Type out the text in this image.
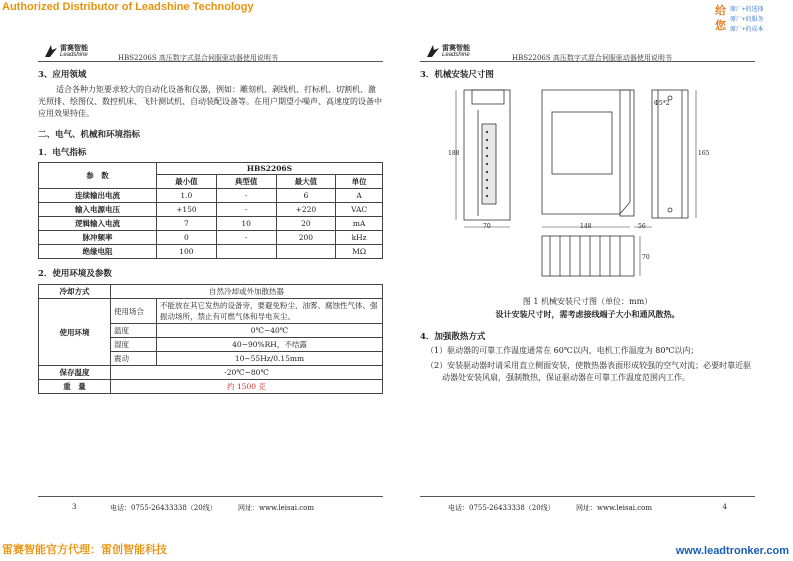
Authorized Distributor of Leadshine Technology	给
您
原厂+的选择
原厂+的服务
原厂+的成本
雷赛智能
Leadshine	HBS2206S 高压数字式混合伺服驱动器使用说明书
3、应用领域
适合各种力矩要求较大的自动化设备和仪器，例如：雕刻机、剥线机、打标机、切割机、激光照排、绘图仪、数控机床、飞针测试机、自动装配设备等。在用户期望小噪声、高速度的设备中应用效果特佳。
二、电气、机械和环境指标
1．电气指标
参　数	HBS2206S			
	最小值	典型值	最大值	单位
连续输出电流	1.0	-	6	A
输入电源电压	+150	-	+220	VAC
逻辑输入电流	7	10	20	mA
脉冲频率	0	-	200	kHz
绝缘电阻	100			MΩ
2．使用环境及参数
冷却方式	自然冷却或外加散热器	
使用环境	使用场合	不能放在其它发热的设备旁，要避免粉尘、油雾、腐蚀性气体、强振动场所，禁止有可燃气体和导电灰尘。
	温度	0℃−40℃
	湿度	40−90%RH，不结露
	震动	10~55Hz/0.15mm
保存温度	-20℃~80℃	
重　量	约 1500 克	
3	电话：0755-26433338（20线）	网址：www.leisai.com
雷赛智能
Leadshine	HBS2206S 高压数字式混合伺服驱动器使用说明书
3．机械安装尺寸图
70	148	56
188	165
Φ5*2
70
图 1 机械安装尺寸图（单位：mm）
设计安装尺寸时，需考虑接线端子大小和通风散热。
4．加强散热方式
（1）驱动器的可靠工作温度通常在 60℃以内，电机工作温度为 80℃以内；
（2）安装驱动器时请采用直立侧面安装，使散热器表面形成较强的空气对流；必要时靠近驱动器处安装风扇，强制散热，保证驱动器在可靠工作温度范围内工作。
电话：0755-26433338（20线）	网址：www.leisai.com	4
雷赛智能官方代理：雷创智能科技	www.leadtronker.com
